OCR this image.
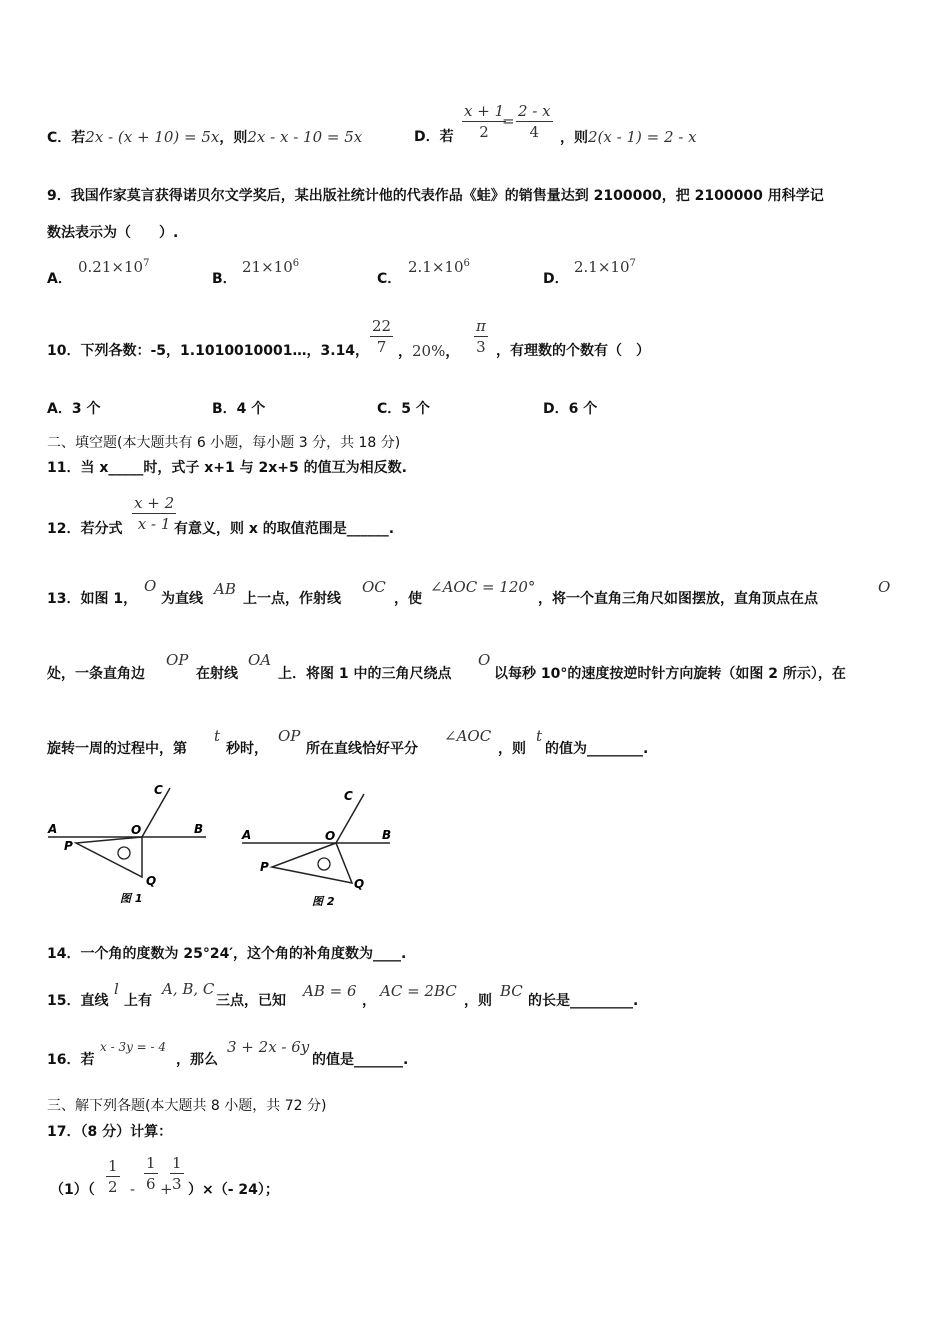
C．若2x - (x + 10) = 5x，则2x - x - 10 = 5x	D．若 $\frac{x + 1}{2}$
= $\frac{2 - x}{4}$ ，则2(x - 1) = 2 - x
9．我国作家莫言获得诺贝尔文学奖后，某出版社统计他的代表作品《蛙》的销售量达到 2100000，把 2100000 用科学记
数法表示为（　　）.
A．
$0.21\times 10^7$
B．
$21\times 10^6$
C．
$2.1\times 10^6$
D．
$2.1\times 10^7$
10．下列各数：-5，1.1010010001…，3.14， $\frac{22}{7}$ ，20%， $\frac{\pi}{3}$ ，有理数的个数有（　）
A．3 个	B．4 个	C．5 个	D．6 个
二、填空题(本大题共有 6 小题，每小题 3 分，共 18 分)
11．当 x_____时，式子 x+1 与 2x+5 的值互为相反数.
12．若分式 $\frac{x + 2}{x - 1}$
有意义，则 x 的取值范围是______.
13．如图 1，
O
为直线
AB
上一点，作射线
OC
，使
∠AOC = 120°
，将一个直角三角尺如图摆放，直角顶点在点
O
处，一条直角边
OP
在射线
OA
上．将图 1 中的三角尺绕点
O
以每秒 10°的速度按逆时针方向旋转（如图 2 所示），在
旋转一周的过程中，第
t
秒时，
OP
所在直线恰好平分
∠AOC
，则
t
的值为________.
A	B
C
O
P
Q
图 1
A	B
C
O
P
Q
图 2
14．一个角的度数为 25°24′，这个角的补角度数为____.
15．直线
l
上有
A, B, C
三点，已知
AB = 6
，
AC = 2BC
，则
BC
的长是_________.
16．若
x - 3y = - 4
，那么
3 + 2x - 6y
的值是_______.
三、解下列各题(本大题共 8 小题，共 72 分)
17．（8 分）计算：
$(1)( \frac{1}{2} - \frac{1}{6}$ +
$\frac{1}{3}$ ）×（- 24）；
